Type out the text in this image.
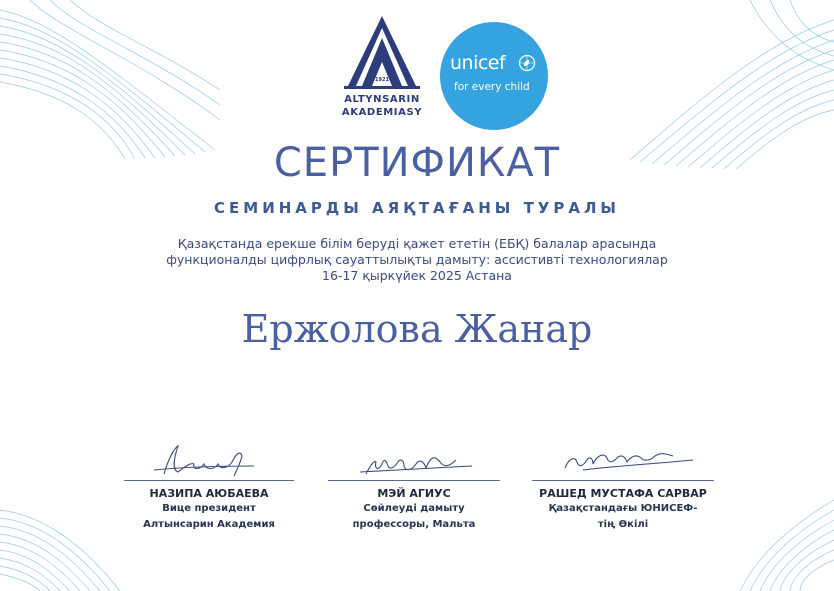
1921
ALTYNSARIN
AKADEMIASY
unicef
for every child
СЕРТИФИКАТ
СЕМИНАРДЫ АЯҚТАҒАНЫ ТУРАЛЫ
Қазақстанда ерекше білім беруді қажет ететін (ЕБҚ) балалар арасында
функционалды цифрлық сауаттылықты дамыту: ассистивті технологиялар
16-17 қыркүйек 2025 Астана
Ержолова Жанар
НАЗИПА АЮБАЕВА
Вице президент
Алтынсарин Академия
МЭЙ АГИУС
Сөйлеуді дамыту
профессоры, Мальта
РАШЕД МУСТАФА САРВАР
Қазақстандағы ЮНИСЕФ-
тің Өкілі
